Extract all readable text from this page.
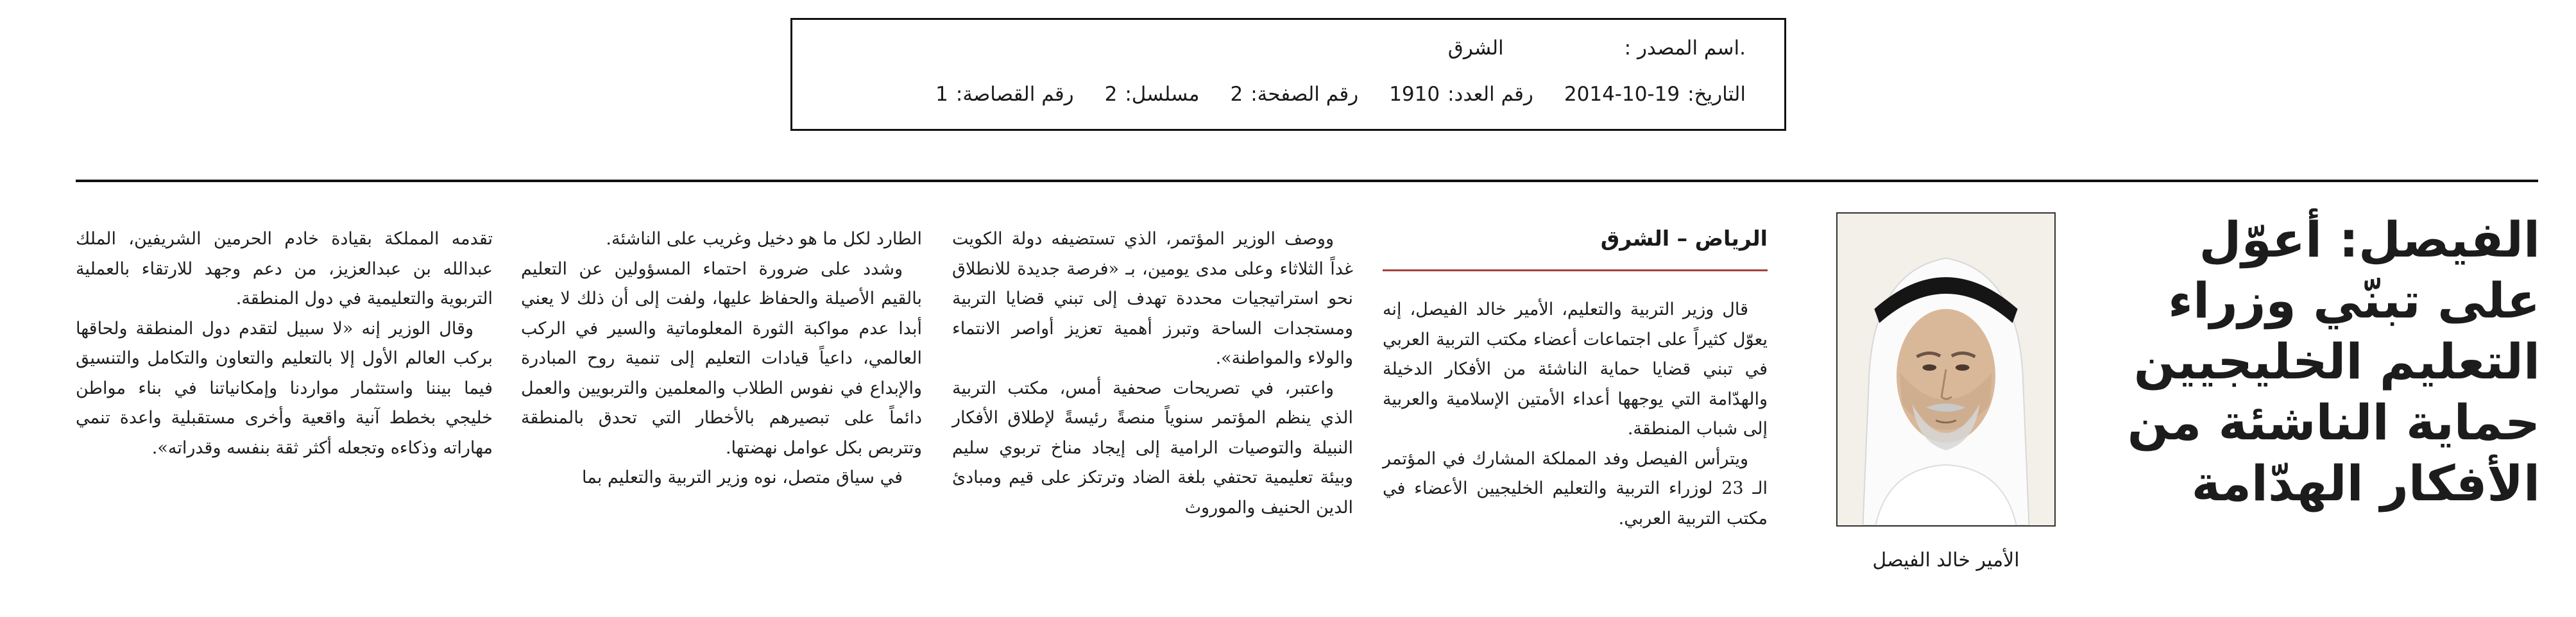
.اسم المصدر :
الشرق
التاريخ:
2014-10-19
رقم العدد:
1910
رقم الصفحة:
2
مسلسل:
2
رقم القصاصة:
1
الفيصل: أعوّل على تبنّي وزراء التعليم الخليجيين حماية الناشئة من الأفكار الهدّامة
الأمير خالد الفيصل
الرياض – الشرق

قال وزير التربية والتعليم، الأمير خالد الفيصل، إنه يعوّل كثيراً على اجتماعات أعضاء مكتب التربية العربي في تبني قضايا حماية الناشئة من الأفكار الدخيلة والهدّامة التي يوجهها أعداء الأمتين الإسلامية والعربية إلى شباب المنطقة.

ويترأس الفيصل وفد المملكة المشارك في المؤتمر الـ 23 لوزراء التربية والتعليم الخليجيين الأعضاء في مكتب التربية العربي.

ووصف الوزير المؤتمر، الذي تستضيفه دولة الكويت غداً الثلاثاء وعلى مدى يومين، بـ «فرصة جديدة للانطلاق نحو استراتيجيات محددة تهدف إلى تبني قضايا التربية ومستجدات الساحة وتبرز أهمية تعزيز أواصر الانتماء والولاء والمواطنة».

واعتبر، في تصريحات صحفية أمس، مكتب التربية الذي ينظم المؤتمر سنوياً منصةً رئيسةً لإطلاق الأفكار النبيلة والتوصيات الرامية إلى إيجاد مناخ تربوي سليم وبيئة تعليمية تحتفي بلغة الضاد وترتكز على قيم ومبادئ الدين الحنيف والموروث

الطارد لكل ما هو دخيل وغريب على الناشئة.

وشدد على ضرورة احتماء المسؤولين عن التعليم بالقيم الأصيلة والحفاظ عليها، ولفت إلى أن ذلك لا يعني أبدا عدم مواكبة الثورة المعلوماتية والسير في الركب العالمي، داعياً قيادات التعليم إلى تنمية روح المبادرة والإبداع في نفوس الطلاب والمعلمين والتربويين والعمل دائماً على تبصيرهم بالأخطار التي تحدق بالمنطقة وتتربص بكل عوامل نهضتها.

في سياق متصل، نوه وزير التربية والتعليم بما

تقدمه المملكة بقيادة خادم الحرمين الشريفين، الملك عبدالله بن عبدالعزيز، من دعم وجهد للارتقاء بالعملية التربوية والتعليمية في دول المنطقة.

وقال الوزير إنه «لا سبيل لتقدم دول المنطقة ولحاقها بركب العالم الأول إلا بالتعليم والتعاون والتكامل والتنسيق فيما بيننا واستثمار مواردنا وإمكانياتنا في بناء مواطن خليجي بخطط آنية واقعية وأخرى مستقبلية واعدة تنمي مهاراته وذكاءه وتجعله أكثر ثقة بنفسه وقدراته».
